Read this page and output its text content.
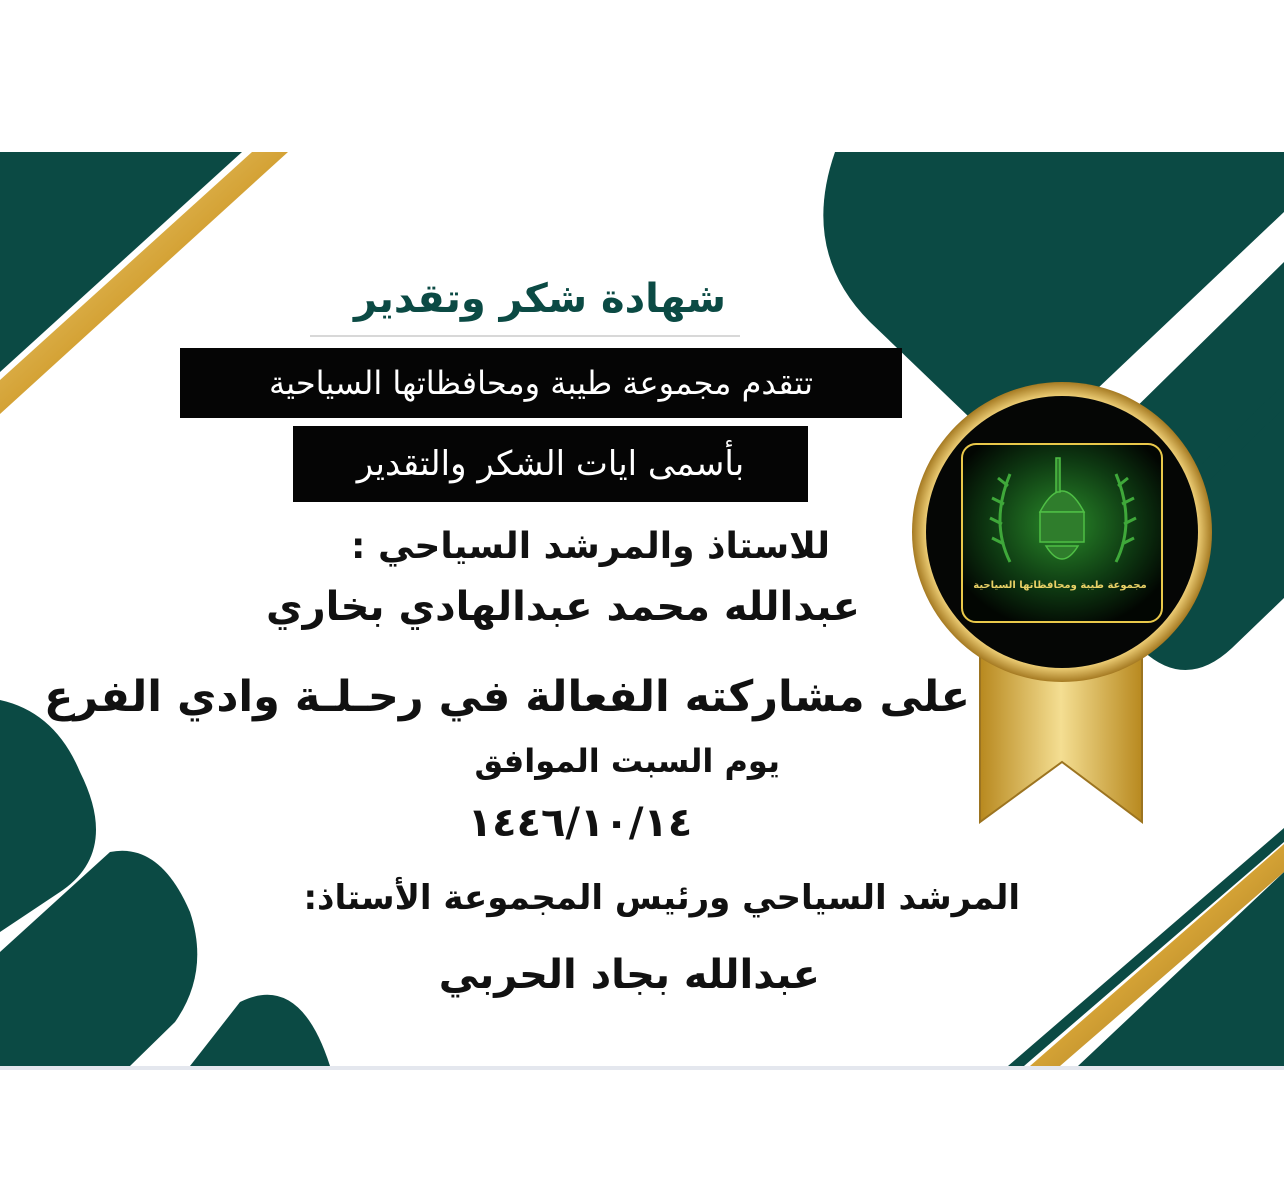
شهادة شكر وتقدير
تتقدم مجموعة طيبة ومحافظاتها السياحية
بأسمى ايات الشكر والتقدير
للاستاذ والمرشد السياحي :
عبدالله محمد عبدالهادي بخاري
على مشاركته الفعالة في رحـلـة وادي الفرع
يوم السبت الموافق
١٤٤٦/١٠/١٤
المرشد السياحي ورئيس المجموعة الأستاذ:
عبدالله بجاد الحربي
مجموعة طيبة ومحافظاتها السياحية
